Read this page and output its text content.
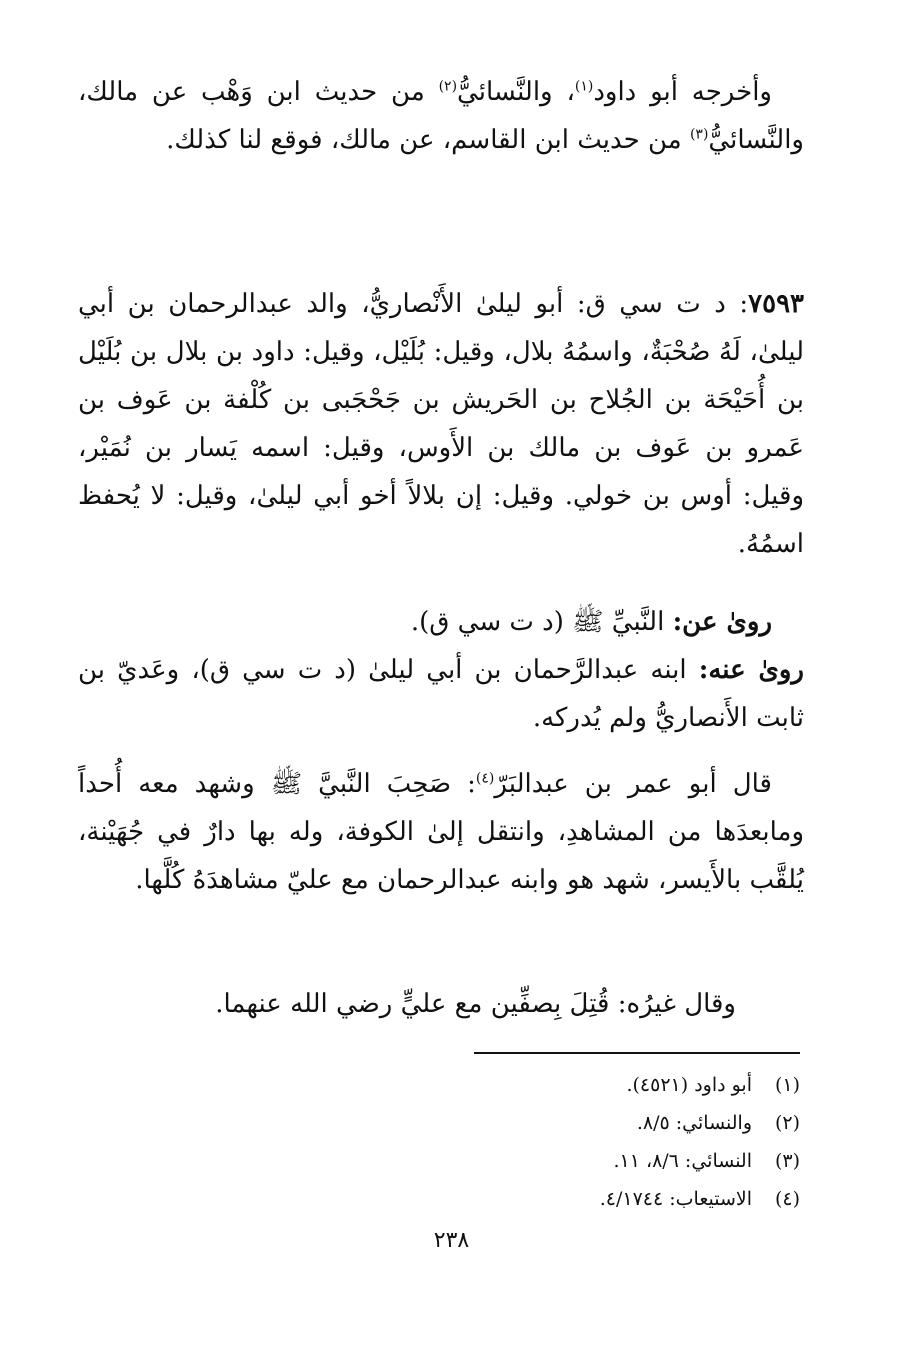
وأخرجه أبو داود$^{(١)}$، والنَّسائيُّ$^{(٢)}$ من حديث ابن وَهْب عن مالك، والنَّسائيُّ$^{(٣)}$ من حديث ابن القاسم، عن مالك، فوقع لنا كذلك.

٧٥٩٣: د ت سي ق: أبو ليلىٰ الأَنْصاريُّ، والد عبدالرحمان بن أبي ليلىٰ، لَهُ صُحْبَةٌ، واسمُهُ بلال، وقيل: بُلَيْل، وقيل: داود بن بلال بن بُلَيْل بن أُحَيْحَة بن الجُلاح بن الحَريش بن جَحْجَبى بن كُلْفة بن عَوف بن عَمرو بن عَوف بن مالك بن الأَوس، وقيل: اسمه يَسار بن نُمَيْر، وقيل: أوس بن خولي. وقيل: إن بلالاً أخو أبي ليلىٰ، وقيل: لا يُحفظ اسمُهُ.

روىٰ عن: النَّبيِّ ﷺ (د ت سي ق).
روىٰ عنه: ابنه عبدالرَّحمان بن أبي ليلىٰ (د ت سي ق)، وعَديّ بن ثابت الأَنصاريُّ ولم يُدركه.

قال أبو عمر بن عبدالبَرّ$^{(٤)}$: صَحِبَ النَّبيَّ ﷺ وشهد معه أُحداً ومابعدَها من المشاهدِ، وانتقل إلىٰ الكوفة، وله بها دارٌ في جُهَيْنة، يُلقَّب بالأَيسر، شهد هو وابنه عبدالرحمان مع عليّ مشاهدَهُ كُلَّها.

وقال غيرُه: قُتِلَ بِصفِّين مع عليٍّ رضي الله عنهما.

(١)أبو داود (٤٥٢١).
(٢)والنسائي: ٨/٥.
(٣)النسائي: ٨/٦، ١١.
(٤)الاستيعاب: ٤/١٧٤٤.
٢٣٨
